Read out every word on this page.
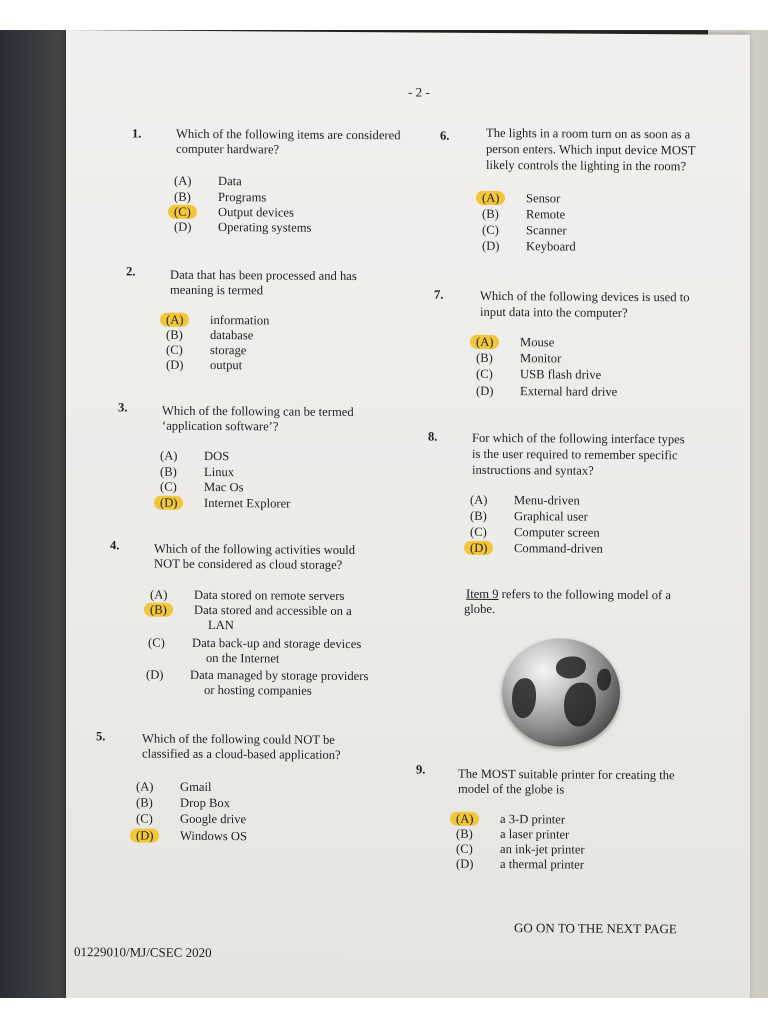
- 2 -
1.	Which of the following items are considered
computer hardware?
(A) Data
(B) Programs
(C) Output devices
(D) Operating systems
2.	Data that has been processed and has
meaning is termed
(A) information
(B) database
(C) storage
(D) output
3.	Which of the following can be termed
‘application software’?
(A) DOS
(B) Linux
(C) Mac Os
(D) Internet Explorer
4.	Which of the following activities would
NOT be considered as cloud storage?
(A) Data stored on remote servers
(B) Data stored and accessible on a
LAN
(C) Data back-up and storage devices
on the Internet
(D) Data managed by storage providers
or hosting companies
5.	Which of the following could NOT be
classified as a cloud-based application?
(A) Gmail
(B) Drop Box
(C) Google drive
(D) Windows OS
6.	The lights in a room turn on as soon as a
person enters. Which input device MOST
likely controls the lighting in the room?
(A) Sensor
(B) Remote
(C) Scanner
(D) Keyboard
7.	Which of the following devices is used to
input data into the computer?
(A) Mouse
(B) Monitor
(C) USB flash drive
(D) External hard drive
8.	For which of the following interface types
is the user required to remember specific
instructions and syntax?
(A) Menu-driven
(B) Graphical user
(C) Computer screen
(D) Command-driven
Item 9 refers to the following model of a
globe.
9.	The MOST suitable printer for creating the
model of the globe is
(A) a 3-D printer
(B) a laser printer
(C) an ink-jet printer
(D) a thermal printer
GO ON TO THE NEXT PAGE
01229010/MJ/CSEC 2020
